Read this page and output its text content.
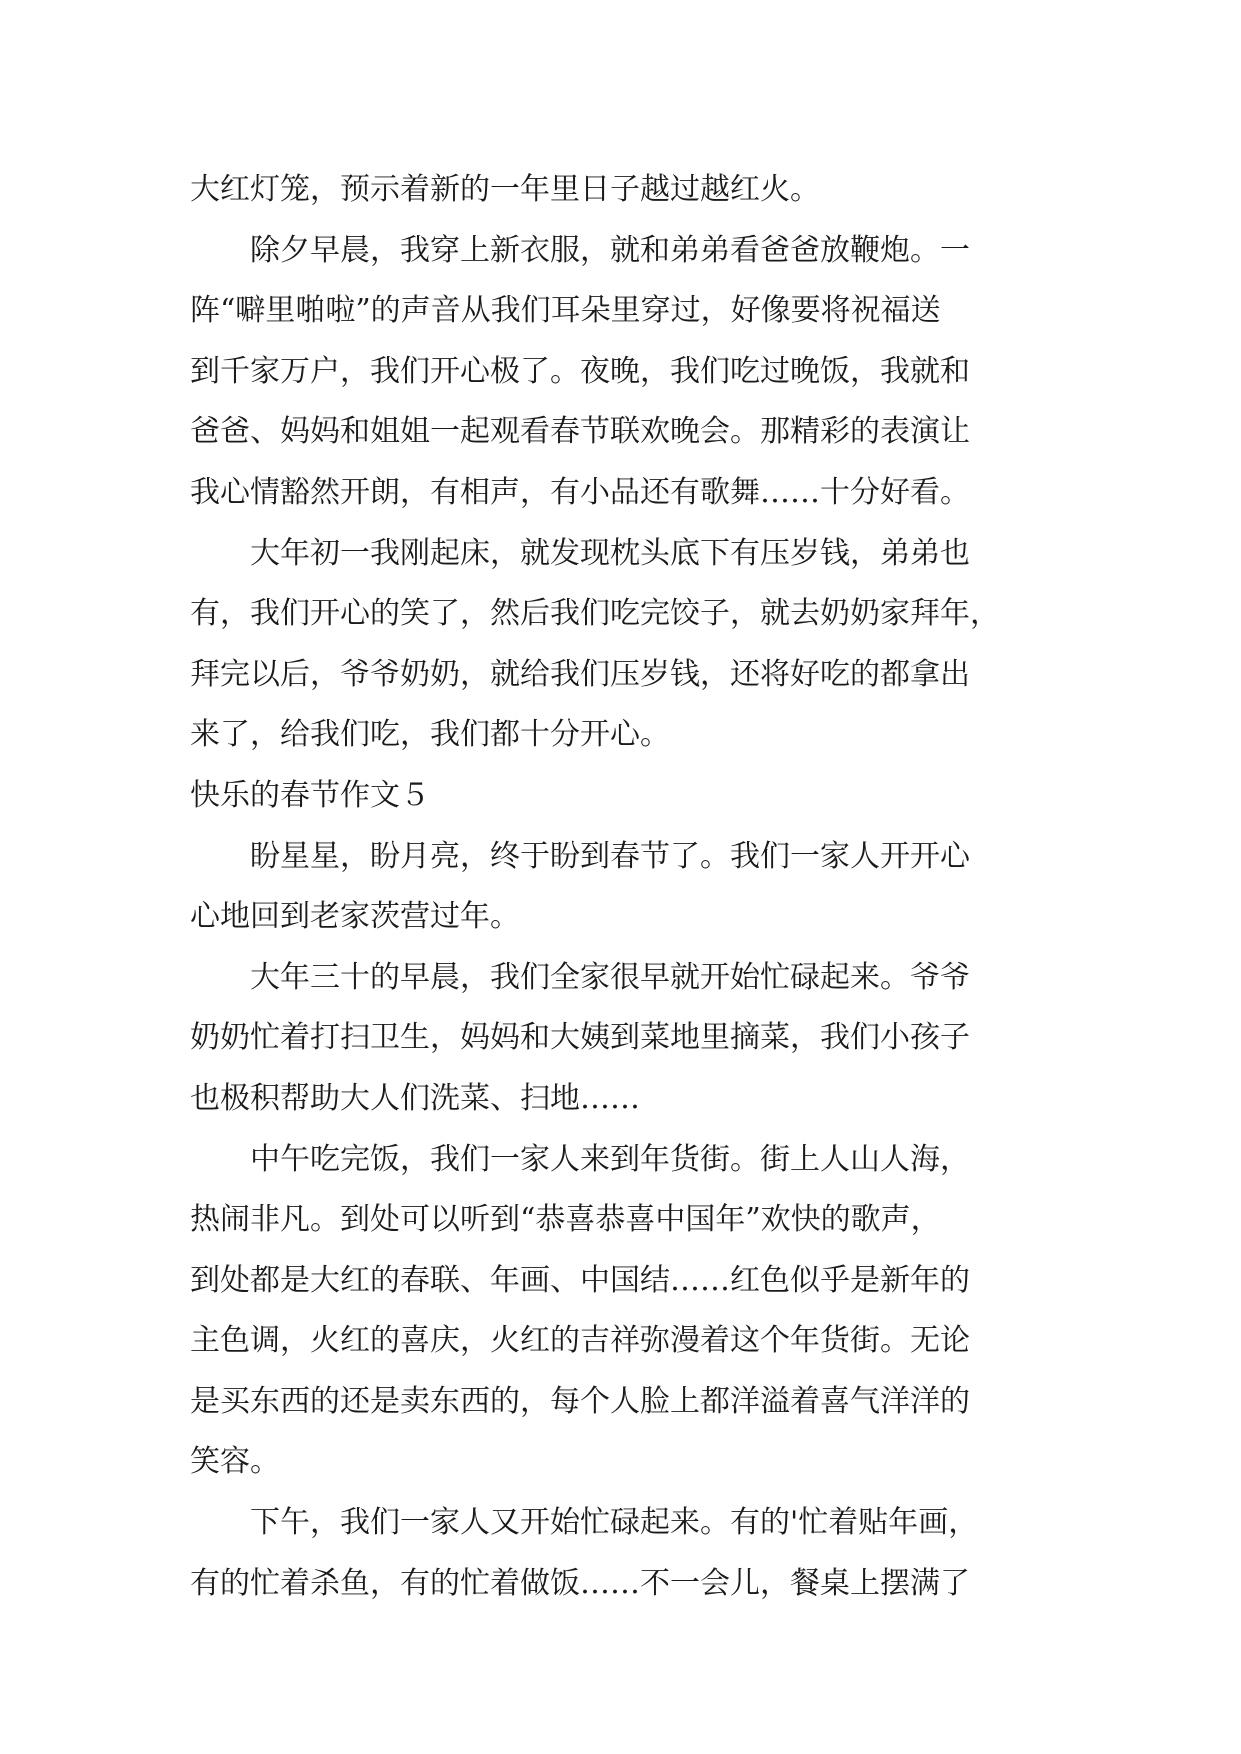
大红灯笼，预示着新的一年里日子越过越红火。
除夕早晨，我穿上新衣服，就和弟弟看爸爸放鞭炮。一
阵“噼里啪啦”的声音从我们耳朵里穿过，好像要将祝福送
到千家万户，我们开心极了。夜晚，我们吃过晚饭，我就和
爸爸、妈妈和姐姐一起观看春节联欢晚会。那精彩的表演让
我心情豁然开朗，有相声，有小品还有歌舞……十分好看。
大年初一我刚起床，就发现枕头底下有压岁钱，弟弟也
有，我们开心的笑了，然后我们吃完饺子，就去奶奶家拜年，
拜完以后，爷爷奶奶，就给我们压岁钱，还将好吃的都拿出
来了，给我们吃，我们都十分开心。
快乐的春节作文５
盼星星，盼月亮，终于盼到春节了。我们一家人开开心
心地回到老家茨营过年。
大年三十的早晨，我们全家很早就开始忙碌起来。爷爷
奶奶忙着打扫卫生，妈妈和大姨到菜地里摘菜，我们小孩子
也极积帮助大人们洗菜、扫地……
中午吃完饭，我们一家人来到年货街。街上人山人海，
热闹非凡。到处可以听到“恭喜恭喜中国年”欢快的歌声，
到处都是大红的春联、年画、中国结……红色似乎是新年的
主色调，火红的喜庆，火红的吉祥弥漫着这个年货街。无论
是买东西的还是卖东西的，每个人脸上都洋溢着喜气洋洋的
笑容。
下午，我们一家人又开始忙碌起来。有的'忙着贴年画，
有的忙着杀鱼，有的忙着做饭……不一会儿，餐桌上摆满了
